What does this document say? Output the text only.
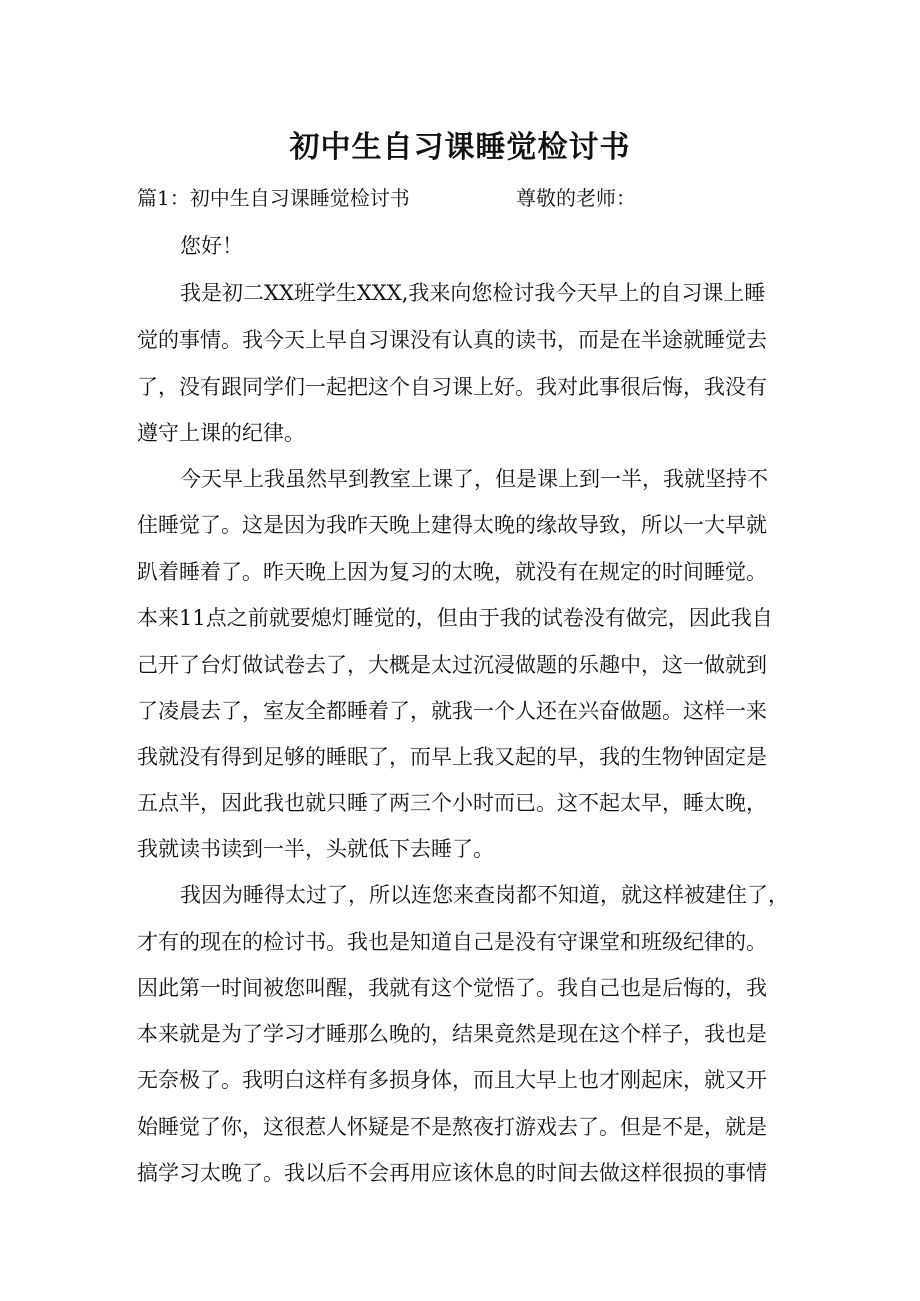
初中生自习课睡觉检讨书
篇1：初中生自习课睡觉检讨书	尊敬的老师：
您好！
我是初二XX班学生XXX,我来向您检讨我今天早上的自习课上睡
觉的事情。我今天上早自习课没有认真的读书，而是在半途就睡觉去
了，没有跟同学们一起把这个自习课上好。我对此事很后悔，我没有
遵守上课的纪律。
今天早上我虽然早到教室上课了，但是课上到一半，我就坚持不
住睡觉了。这是因为我昨天晚上建得太晚的缘故导致，所以一大早就
趴着睡着了。昨天晚上因为复习的太晚，就没有在规定的时间睡觉。
本来11点之前就要熄灯睡觉的，但由于我的试卷没有做完，因此我自
己开了台灯做试卷去了，大概是太过沉浸做题的乐趣中，这一做就到
了凌晨去了，室友全都睡着了，就我一个人还在兴奋做题。这样一来
我就没有得到足够的睡眠了，而早上我又起的早，我的生物钟固定是
五点半，因此我也就只睡了两三个小时而已。这不起太早，睡太晚，
我就读书读到一半，头就低下去睡了。
我因为睡得太过了，所以连您来查岗都不知道，就这样被建住了，
才有的现在的检讨书。我也是知道自己是没有守课堂和班级纪律的。
因此第一时间被您叫醒，我就有这个觉悟了。我自己也是后悔的，我
本来就是为了学习才睡那么晚的，结果竟然是现在这个样子，我也是
无奈极了。我明白这样有多损身体，而且大早上也才刚起床，就又开
始睡觉了你，这很惹人怀疑是不是熬夜打游戏去了。但是不是，就是
搞学习太晚了。我以后不会再用应该休息的时间去做这样很损的事情
